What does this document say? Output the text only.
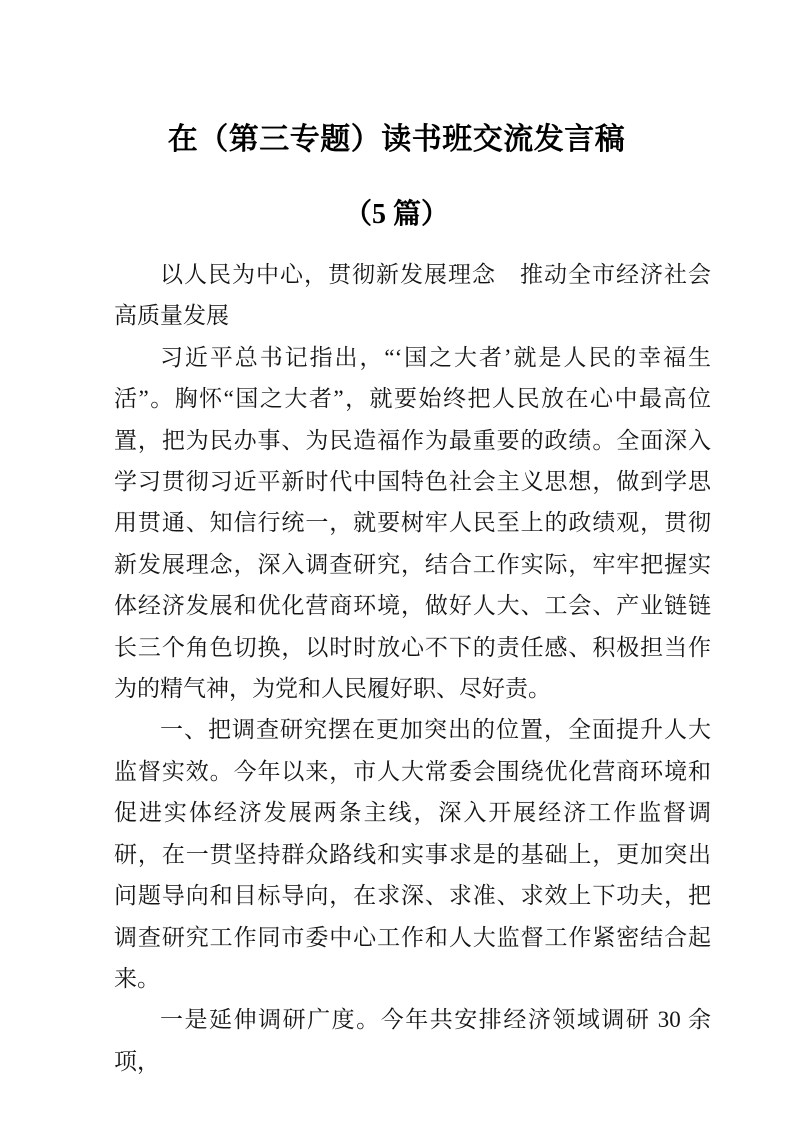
在（第三专题）读书班交流发言稿
（5 篇）

以人民为中心，贯彻新发展理念　推动全市经济社会高质量发展

习近平总书记指出，“‘国之大者’就是人民的幸福生活”。胸怀“国之大者”，就要始终把人民放在心中最高位置，把为民办事、为民造福作为最重要的政绩。全面深入学习贯彻习近平新时代中国特色社会主义思想，做到学思用贯通、知信行统一，就要树牢人民至上的政绩观，贯彻新发展理念，深入调查研究，结合工作实际，牢牢把握实体经济发展和优化营商环境，做好人大、工会、产业链链长三个角色切换，以时时放心不下的责任感、积极担当作为的精气神，为党和人民履好职、尽好责。

一、把调查研究摆在更加突出的位置，全面提升人大监督实效。今年以来，市人大常委会围绕优化营商环境和促进实体经济发展两条主线，深入开展经济工作监督调研，在一贯坚持群众路线和实事求是的基础上，更加突出问题导向和目标导向，在求深、求准、求效上下功夫，把调查研究工作同市委中心工作和人大监督工作紧密结合起来。

一是延伸调研广度。今年共安排经济领域调研 30 余项，
